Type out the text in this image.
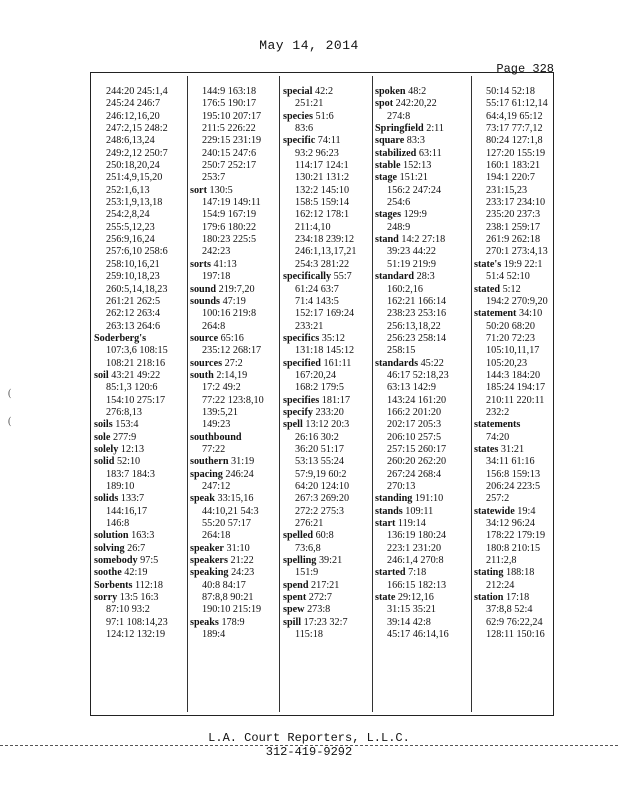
May 14, 2014
Page 328
244:20 245:1,4
245:24 246:7
246:12,16,20
247:2,15 248:2
248:6,13,24
249:2,12 250:7
250:18,20,24
251:4,9,15,20
252:1,6,13
253:1,9,13,18
254:2,8,24
255:5,12,23
256:9,16,24
257:6,10 258:6
258:10,16,21
259:10,18,23
260:5,14,18,23
261:21 262:5
262:12 263:4
263:13 264:6
Soderberg's
107:3,6 108:15
108:21 218:16
soil 43:21 49:22
85:1,3 120:6
154:10 275:17
276:8,13
soils 153:4
sole 277:9
solely 12:13
solid 52:10
183:7 184:3
189:10
solids 133:7
144:16,17
146:8
solution 163:3
solving 26:7
somebody 97:5
soothe 42:19
Sorbents 112:18
sorry 13:5 16:3
87:10 93:2
97:1 108:14,23
124:12 132:19
144:9 163:18
176:5 190:17
195:10 207:17
211:5 226:22
229:15 231:19
240:15 247:6
250:7 252:17
253:7
sort 130:5
147:19 149:11
154:9 167:19
179:6 180:22
180:23 225:5
242:23
sorts 41:13
197:18
sound 219:7,20
sounds 47:19
100:16 219:8
264:8
source 65:16
235:12 268:17
sources 27:2
south 2:14,19
17:2 49:2
77:22 123:8,10
139:5,21
149:23
southbound
77:22
southern 31:19
spacing 246:24
247:12
speak 33:15,16
44:10,21 54:3
55:20 57:17
264:18
speaker 31:10
speakers 21:22
speaking 24:23
40:8 84:17
87:8,8 90:21
190:10 215:19
speaks 178:9
189:4
special 42:2
251:21
species 51:6
83:6
specific 74:11
93:2 96:23
114:17 124:1
130:21 131:2
132:2 145:10
158:5 159:14
162:12 178:1
211:4,10
234:18 239:12
246:1,13,17,21
254:3 281:22
specifically 55:7
61:24 63:7
71:4 143:5
152:17 169:24
233:21
specifics 35:12
131:18 145:12
specified 161:11
167:20,24
168:2 179:5
specifies 181:17
specify 233:20
spell 13:12 20:3
26:16 30:2
36:20 51:17
53:13 55:24
57:9,19 60:2
64:20 124:10
267:3 269:20
272:2 275:3
276:21
spelled 60:8
73:6,8
spelling 39:21
151:9
spend 217:21
spent 272:7
spew 273:8
spill 17:23 32:7
115:18
spoken 48:2
spot 242:20,22
274:8
Springfield 2:11
square 83:3
stabilized 63:11
stable 152:13
stage 151:21
156:2 247:24
254:6
stages 129:9
248:9
stand 14:2 27:18
39:23 44:22
51:19 219:9
standard 28:3
160:2,16
162:21 166:14
238:23 253:16
256:13,18,22
256:23 258:14
258:15
standards 45:22
46:17 52:18,23
63:13 142:9
143:24 161:20
166:2 201:20
202:17 205:3
206:10 257:5
257:15 260:17
260:20 262:20
267:24 268:4
270:13
standing 191:10
stands 109:11
start 119:14
136:19 180:24
223:1 231:20
246:1,4 270:8
started 7:18
166:15 182:13
state 29:12,16
31:15 35:21
39:14 42:8
45:17 46:14,16
50:14 52:18
55:17 61:12,14
64:4,19 65:12
73:17 77:7,12
80:24 127:1,8
127:20 155:19
160:1 183:21
194:1 220:7
231:15,23
233:17 234:10
235:20 237:3
238:1 259:17
261:9 262:18
270:1 273:4,13
state's 19:9 22:1
51:4 52:10
stated 5:12
194:2 270:9,20
statement 34:10
50:20 68:20
71:20 72:23
105:10,11,17
105:20,23
144:3 184:20
185:24 194:17
210:11 220:11
232:2
statements
74:20
states 31:21
34:11 61:16
156:8 159:13
206:24 223:5
257:2
statewide 19:4
34:12 96:24
178:22 179:19
180:8 210:15
211:2,8
stating 188:18
212:24
station 17:18
37:8,8 52:4
62:9 76:22,24
128:11 150:16
L.A. Court Reporters, L.L.C.
312-419-9292
(
(
